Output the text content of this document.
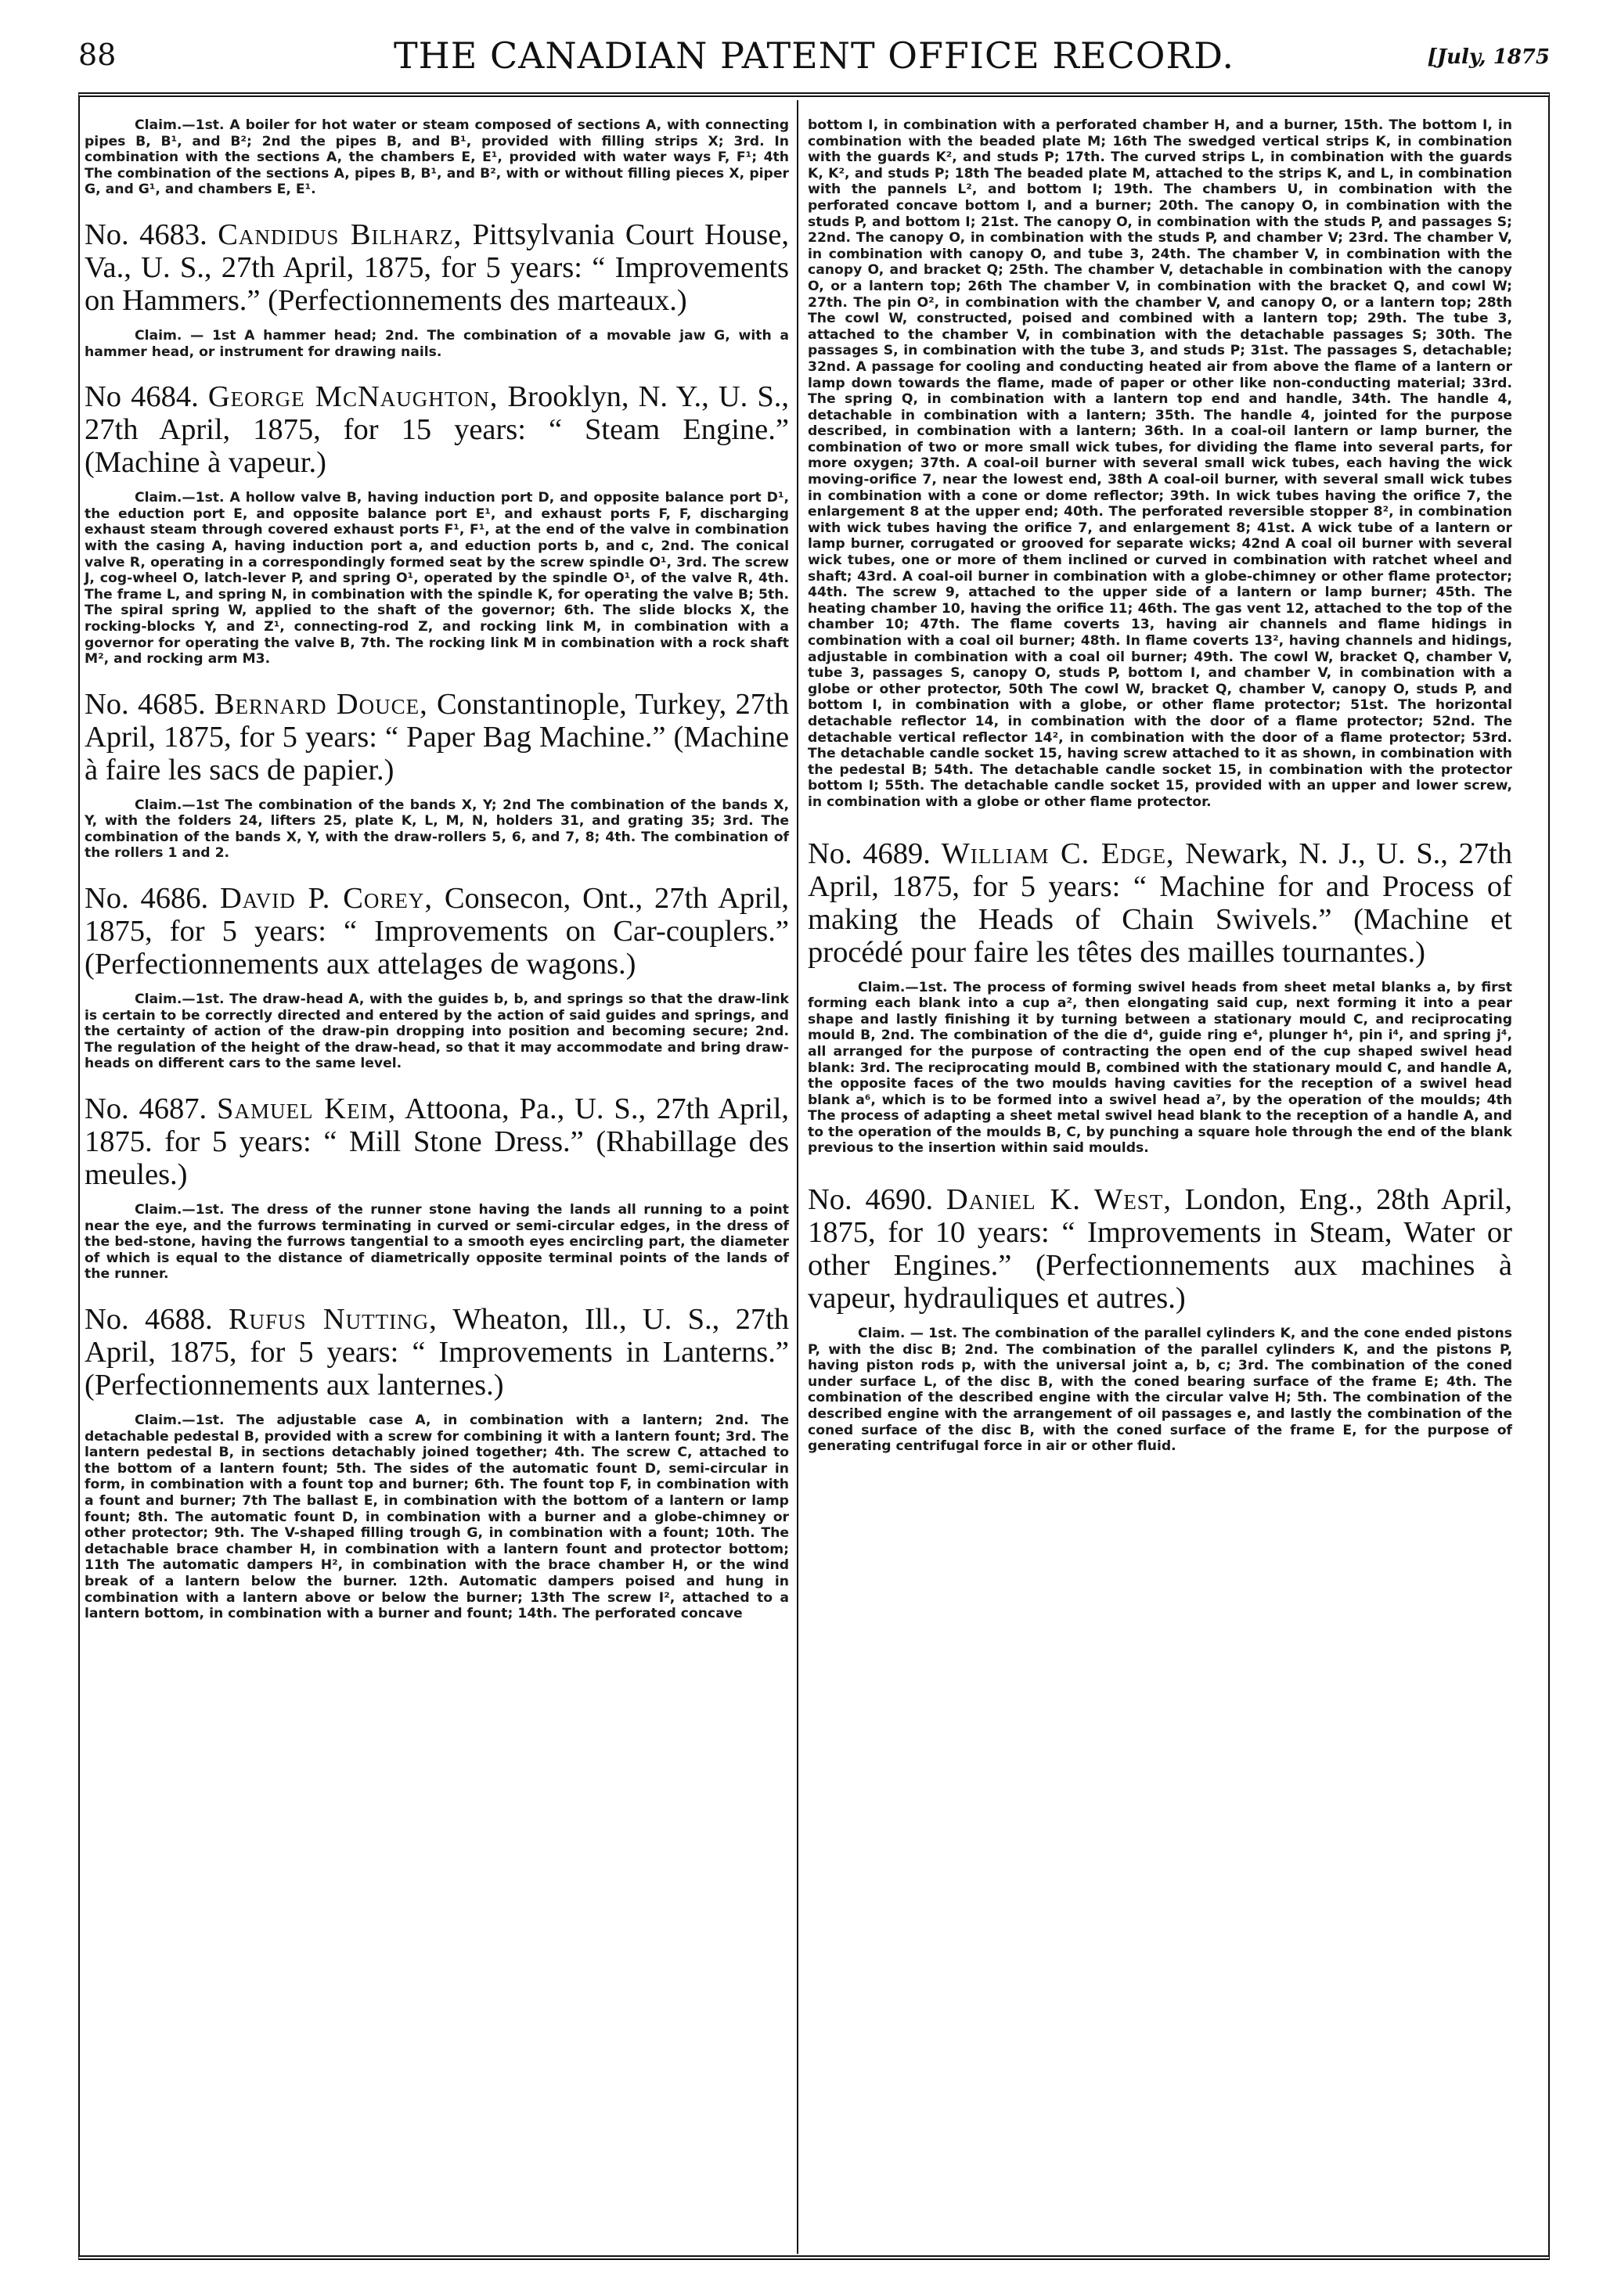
88	THE CANADIAN PATENT OFFICE RECORD.	[July, 1875

Claim.—1st. A boiler for hot water or steam composed of sections A, with connecting pipes B, B¹, and B²; 2nd the pipes B, and B¹, provided with filling strips X; 3rd. In combination with the sections A, the chambers E, E¹, provided with water ways F, F¹; 4th The combination of the sections A, pipes B, B¹, and B², with or without filling pieces X, piper G, and G¹, and chambers E, E¹.

No. 4683. Candidus Bilharz, Pittsylvania Court House, Va., U. S., 27th April, 1875, for 5 years: “ Improvements on Hammers.” (Perfectionnements des marteaux.)

Claim. — 1st A hammer head; 2nd. The combination of a movable jaw G, with a hammer head, or instrument for drawing nails.

No 4684. George McNaughton, Brooklyn, N. Y., U. S., 27th April, 1875, for 15 years: “ Steam Engine.” (Machine à vapeur.)

Claim.—1st. A hollow valve B, having induction port D, and opposite balance port D¹, the eduction port E, and opposite balance port E¹, and exhaust ports F, F, discharging exhaust steam through covered exhaust ports F¹, F¹, at the end of the valve in combination with the casing A, having induction port a, and eduction ports b, and c, 2nd. The conical valve R, operating in a correspondingly formed seat by the screw spindle O¹, 3rd. The screw J, cog-wheel O, latch-lever P, and spring O¹, operated by the spindle O¹, of the valve R, 4th. The frame L, and spring N, in combination with the spindle K, for operating the valve B; 5th. The spiral spring W, applied to the shaft of the governor; 6th. The slide blocks X, the rocking-blocks Y, and Z¹, connecting-rod Z, and rocking link M, in combination with a governor for operating the valve B, 7th. The rocking link M in combination with a rock shaft M², and rocking arm M3.

No. 4685. Bernard Douce, Constantinople, Turkey, 27th April, 1875, for 5 years: “ Paper Bag Machine.” (Machine à faire les sacs de papier.)

Claim.—1st The combination of the bands X, Y; 2nd The combination of the bands X, Y, with the folders 24, lifters 25, plate K, L, M, N, holders 31, and grating 35; 3rd. The combination of the bands X, Y, with the draw-rollers 5, 6, and 7, 8; 4th. The combination of the rollers 1 and 2.

No. 4686. David P. Corey, Consecon, Ont., 27th April, 1875, for 5 years: “ Improvements on Car-couplers.” (Perfectionnements aux attelages de wagons.)

Claim.—1st. The draw-head A, with the guides b, b, and springs so that the draw-link is certain to be correctly directed and entered by the action of said guides and springs, and the certainty of action of the draw-pin dropping into position and becoming secure; 2nd. The regulation of the height of the draw-head, so that it may accommodate and bring draw-heads on different cars to the same level.

No. 4687. Samuel Keim, Attoona, Pa., U. S., 27th April, 1875. for 5 years: “ Mill Stone Dress.” (Rhabillage des meules.)

Claim.—1st. The dress of the runner stone having the lands all running to a point near the eye, and the furrows terminating in curved or semi-circular edges, in the dress of the bed-stone, having the furrows tangential to a smooth eyes encircling part, the diameter of which is equal to the distance of diametrically opposite terminal points of the lands of the runner.

No. 4688. Rufus Nutting, Wheaton, Ill., U. S., 27th April, 1875, for 5 years: “ Improvements in Lanterns.” (Perfectionnements aux lanternes.)

Claim.—1st. The adjustable case A, in combination with a lantern; 2nd. The detachable pedestal B, provided with a screw for combining it with a lantern fount; 3rd. The lantern pedestal B, in sections detachably joined together; 4th. The screw C, attached to the bottom of a lantern fount; 5th. The sides of the automatic fount D, semi-circular in form, in combination with a fount top and burner; 6th. The fount top F, in combination with a fount and burner; 7th The ballast E, in combination with the bottom of a lantern or lamp fount; 8th. The automatic fount D, in combination with a burner and a globe-chimney or other protector; 9th. The V-shaped filling trough G, in combination with a fount; 10th. The detachable brace chamber H, in combination with a lantern fount and protector bottom; 11th The automatic dampers H², in combination with the brace chamber H, or the wind break of a lantern below the burner. 12th. Automatic dampers poised and hung in combination with a lantern above or below the burner; 13th The screw I², attached to a lantern bottom, in combination with a burner and fount; 14th. The perforated concave

bottom I, in combination with a perforated chamber H, and a burner, 15th. The bottom I, in combination with the beaded plate M; 16th The swedged vertical strips K, in combination with the guards K², and studs P; 17th. The curved strips L, in combination with the guards K, K², and studs P; 18th The beaded plate M, attached to the strips K, and L, in combination with the pannels L², and bottom I; 19th. The chambers U, in combination with the perforated concave bottom I, and a burner; 20th. The canopy O, in combination with the studs P, and bottom I; 21st. The canopy O, in combination with the studs P, and passages S; 22nd. The canopy O, in combination with the studs P, and chamber V; 23rd. The chamber V, in combination with canopy O, and tube 3, 24th. The chamber V, in combination with the canopy O, and bracket Q; 25th. The chamber V, detachable in combination with the canopy O, or a lantern top; 26th The chamber V, in combination with the bracket Q, and cowl W; 27th. The pin O², in combination with the chamber V, and canopy O, or a lantern top; 28th The cowl W, constructed, poised and combined with a lantern top; 29th. The tube 3, attached to the chamber V, in combination with the detachable passages S; 30th. The passages S, in combination with the tube 3, and studs P; 31st. The passages S, detachable; 32nd. A passage for cooling and conducting heated air from above the flame of a lantern or lamp down towards the flame, made of paper or other like non-conducting material; 33rd. The spring Q, in combination with a lantern top end and handle, 34th. The handle 4, detachable in combination with a lantern; 35th. The handle 4, jointed for the purpose described, in combination with a lantern; 36th. In a coal-oil lantern or lamp burner, the combination of two or more small wick tubes, for dividing the flame into several parts, for more oxygen; 37th. A coal-oil burner with several small wick tubes, each having the wick moving-orifice 7, near the lowest end, 38th A coal-oil burner, with several small wick tubes in combination with a cone or dome reflector; 39th. In wick tubes having the orifice 7, the enlargement 8 at the upper end; 40th. The perforated reversible stopper 8², in combination with wick tubes having the orifice 7, and enlargement 8; 41st. A wick tube of a lantern or lamp burner, corrugated or grooved for separate wicks; 42nd A coal oil burner with several wick tubes, one or more of them inclined or curved in combination with ratchet wheel and shaft; 43rd. A coal-oil burner in combination with a globe-chimney or other flame protector; 44th. The screw 9, attached to the upper side of a lantern or lamp burner; 45th. The heating chamber 10, having the orifice 11; 46th. The gas vent 12, attached to the top of the chamber 10; 47th. The flame coverts 13, having air channels and flame hidings in combination with a coal oil burner; 48th. In flame coverts 13², having channels and hidings, adjustable in combination with a coal oil burner; 49th. The cowl W, bracket Q, chamber V, tube 3, passages S, canopy O, studs P, bottom I, and chamber V, in combination with a globe or other protector, 50th The cowl W, bracket Q, chamber V, canopy O, studs P, and bottom I, in combination with a globe, or other flame protector; 51st. The horizontal detachable reflector 14, in combination with the door of a flame protector; 52nd. The detachable vertical reflector 14², in combination with the door of a flame protector; 53rd. The detachable candle socket 15, having screw attached to it as shown, in combination with the pedestal B; 54th. The detachable candle socket 15, in combination with the protector bottom I; 55th. The detachable candle socket 15, provided with an upper and lower screw, in combination with a globe or other flame protector.

No. 4689. William C. Edge, Newark, N. J., U. S., 27th April, 1875, for 5 years: “ Machine for and Process of making the Heads of Chain Swivels.” (Machine et procédé pour faire les têtes des mailles tournantes.)

Claim.—1st. The process of forming swivel heads from sheet metal blanks a, by first forming each blank into a cup a², then elongating said cup, next forming it into a pear shape and lastly finishing it by turning between a stationary mould C, and reciprocating mould B, 2nd. The combination of the die d⁴, guide ring e⁴, plunger h⁴, pin i⁴, and spring j⁴, all arranged for the purpose of contracting the open end of the cup shaped swivel head blank: 3rd. The reciprocating mould B, combined with the stationary mould C, and handle A, the opposite faces of the two moulds having cavities for the reception of a swivel head blank a⁶, which is to be formed into a swivel head a⁷, by the operation of the moulds; 4th The process of adapting a sheet metal swivel head blank to the reception of a handle A, and to the operation of the moulds B, C, by punching a square hole through the end of the blank previous to the insertion within said moulds.

No. 4690. Daniel K. West, London, Eng., 28th April, 1875, for 10 years: “ Improvements in Steam, Water or other Engines.” (Perfectionnements aux machines à vapeur, hydrauliques et autres.)

Claim. — 1st. The combination of the parallel cylinders K, and the cone ended pistons P, with the disc B; 2nd. The combination of the parallel cylinders K, and the pistons P, having piston rods p, with the universal joint a, b, c; 3rd. The combination of the coned under surface L, of the disc B, with the coned bearing surface of the frame E; 4th. The combination of the described engine with the circular valve H; 5th. The combination of the described engine with the arrangement of oil passages e, and lastly the combination of the coned surface of the disc B, with the coned surface of the frame E, for the purpose of generating centrifugal force in air or other fluid.
